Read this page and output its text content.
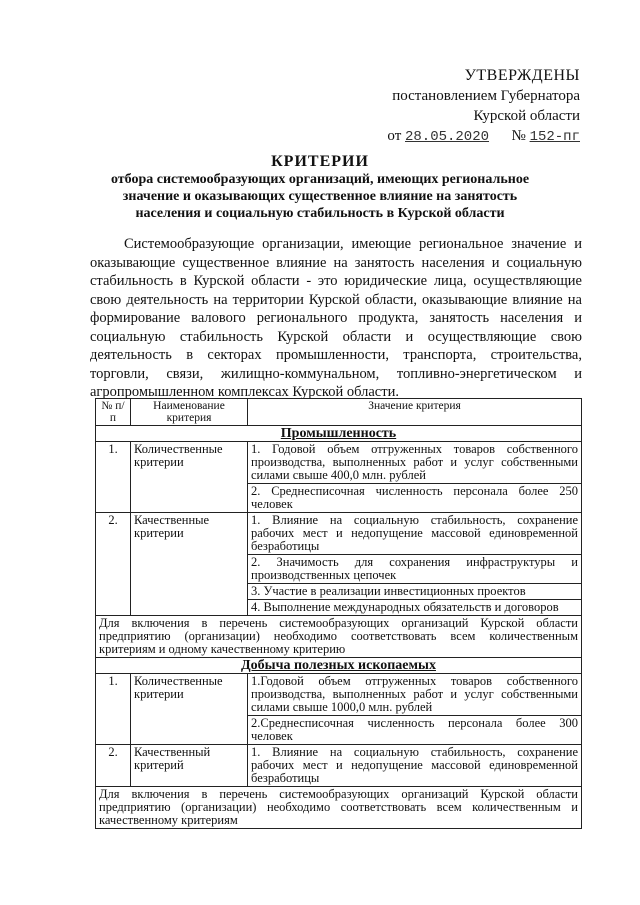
УТВЕРЖДЕНЫ
постановлением Губернатора
Курской области
от 28.05.2020 № 152-пг
КРИТЕРИИ
отбора системообразующих организаций, имеющих региональное значение и оказывающих существенное влияние на занятость населения и социальную стабильность в Курской области

Системообразующие организации, имеющие региональное значение и оказывающие существенное влияние на занятость населения и социальную стабильность в Курской области - это юридические лица, осуществляющие свою деятельность на территории Курской области, оказывающие влияние на формирование валового регионального продукта, занятость населения и социальную стабильность Курской области и осуществляющие свою деятельность в секторах промышленности, транспорта, строительства, торговли, связи, жилищно-коммунальном, топливно-энергетическом и агропромышленном комплексах Курской области.

№ п/п	Наименование критерия	Значение критерия
Промышленность		
1.	Количественные критерии	1. Годовой объем отгруженных товаров собственного производства, выполненных работ и услуг собственными силами свыше 400,0 млн. рублей
		2. Среднесписочная численность персонала более 250 человек
2.	Качественные критерии	1. Влияние на социальную стабильность, сохранение рабочих мест и недопущение массовой единовременной безработицы
		2. Значимость для сохранения инфраструктуры и производственных цепочек
		3. Участие в реализации инвестиционных проектов
		4. Выполнение международных обязательств и договоров
Для включения в перечень системообразующих организаций Курской области предприятию (организации) необходимо соответствовать всем количественным критериям и одному качественному критерию		
Добыча полезных ископаемых		
1.	Количественные критерии	1.Годовой объем отгруженных товаров собственного производства, выполненных работ и услуг собственными силами свыше 1000,0 млн. рублей
		2.Среднесписочная численность персонала более 300 человек
2.	Качественный критерий	1. Влияние на социальную стабильность, сохранение рабочих мест и недопущение массовой единовременной безработицы
Для включения в перечень системообразующих организаций Курской области предприятию (организации) необходимо соответствовать всем количественным и качественному критериям		
